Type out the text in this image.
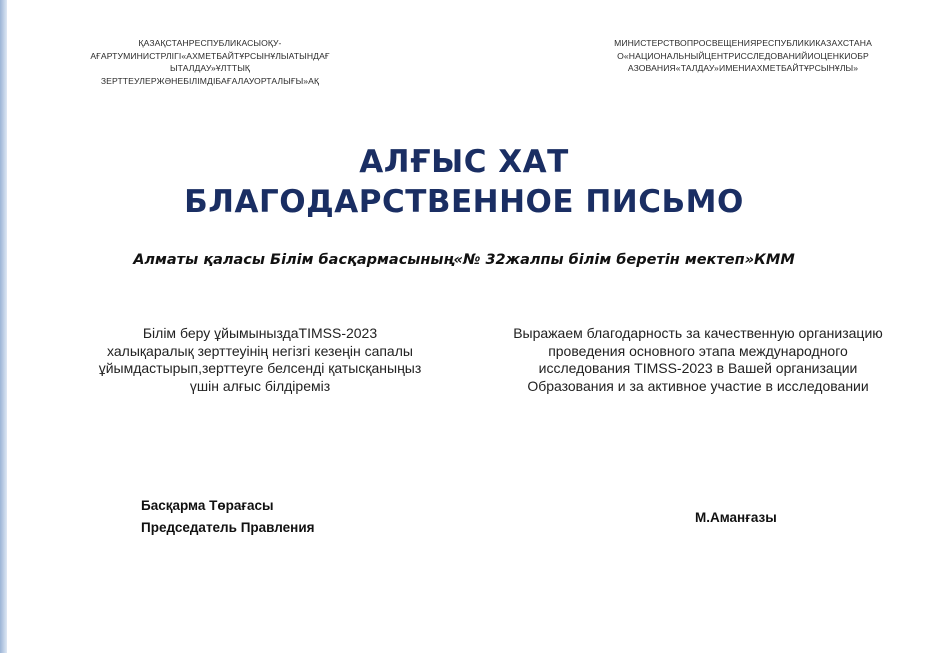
ҚАЗАҚСТАНРЕСПУБЛИКАСЫОҚУ-
АҒАРТУМИНИСТРЛІГІ«АХМЕТБАЙТҰРСЫНҰЛЫАТЫНДАҒ
ЫТАЛДАУ»ҰЛТТЫҚ
ЗЕРТТЕУЛЕРЖӘНЕБІЛІМДІБАҒАЛАУОРТАЛЫҒЫ»АҚ
МИНИСТЕРСТВОПРОСВЕЩЕНИЯРЕСПУБЛИКИКАЗАХСТАНА
О«НАЦИОНАЛЬНЫЙЦЕНТРИССЛЕДОВАНИЙИОЦЕНКИОБР
АЗОВАНИЯ«ТАЛДАУ»ИМЕНИАХМЕТБАЙТҰРСЫНҰЛЫ»
АЛҒЫС ХАТ
БЛАГОДАРСТВЕННОЕ ПИСЬМО
Алматы қаласы Білім басқармасының«№ 32жалпы білім беретін мектеп»КММ
Білім беру ұйымыныздаTIMSS-2023
халықаралық зерттеуінің негізгі кезеңін сапалы
ұйымдастырып,зерттеуге белсенді қатысқаныңыз
үшін алғыс білдіреміз
Выражаем благодарность за качественную организацию
проведения основного этапа международного
исследования TIMSS-2023 в Вашей организации
Образования и за активное участие в исследовании
Басқарма Төрағасы
Председатель Правления
М.Аманғазы
